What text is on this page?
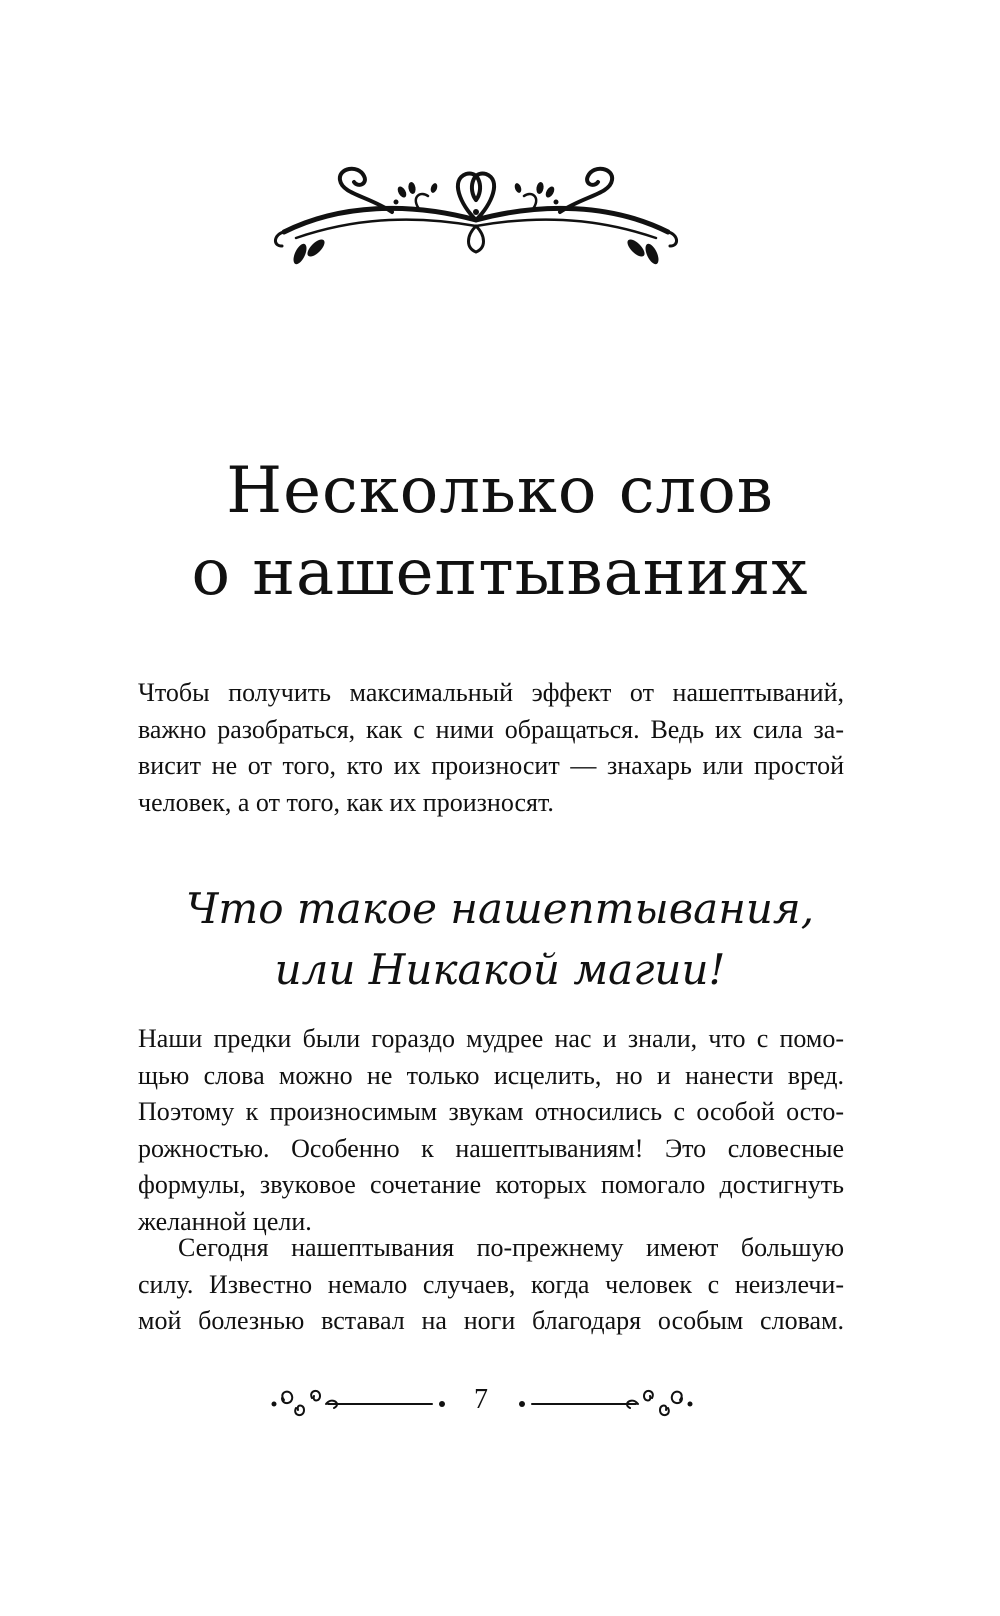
Несколько слов
о нашептываниях

Чтобы получить максимальный эффект от нашептываний,
важно разобраться, как с ними обращаться. Ведь их сила за-
висит не от того, кто их произносит — знахарь или простой
человек, а от того, как их произносят.

Что такое нашептывания,
или Никакой магии!

Наши предки были гораздо мудрее нас и знали, что с помо-
щью слова можно не только исцелить, но и нанести вред.
Поэтому к произносимым звукам относились с особой осто-
рожностью. Особенно к нашептываниям! Это словесные
формулы, звуковое сочетание которых помогало достигнуть
желанной цели.

Сегодня нашептывания по-прежнему имеют большую
силу. Известно немало случаев, когда человек с неизлечи-
мой болезнью вставал на ноги благодаря особым словам.

7
